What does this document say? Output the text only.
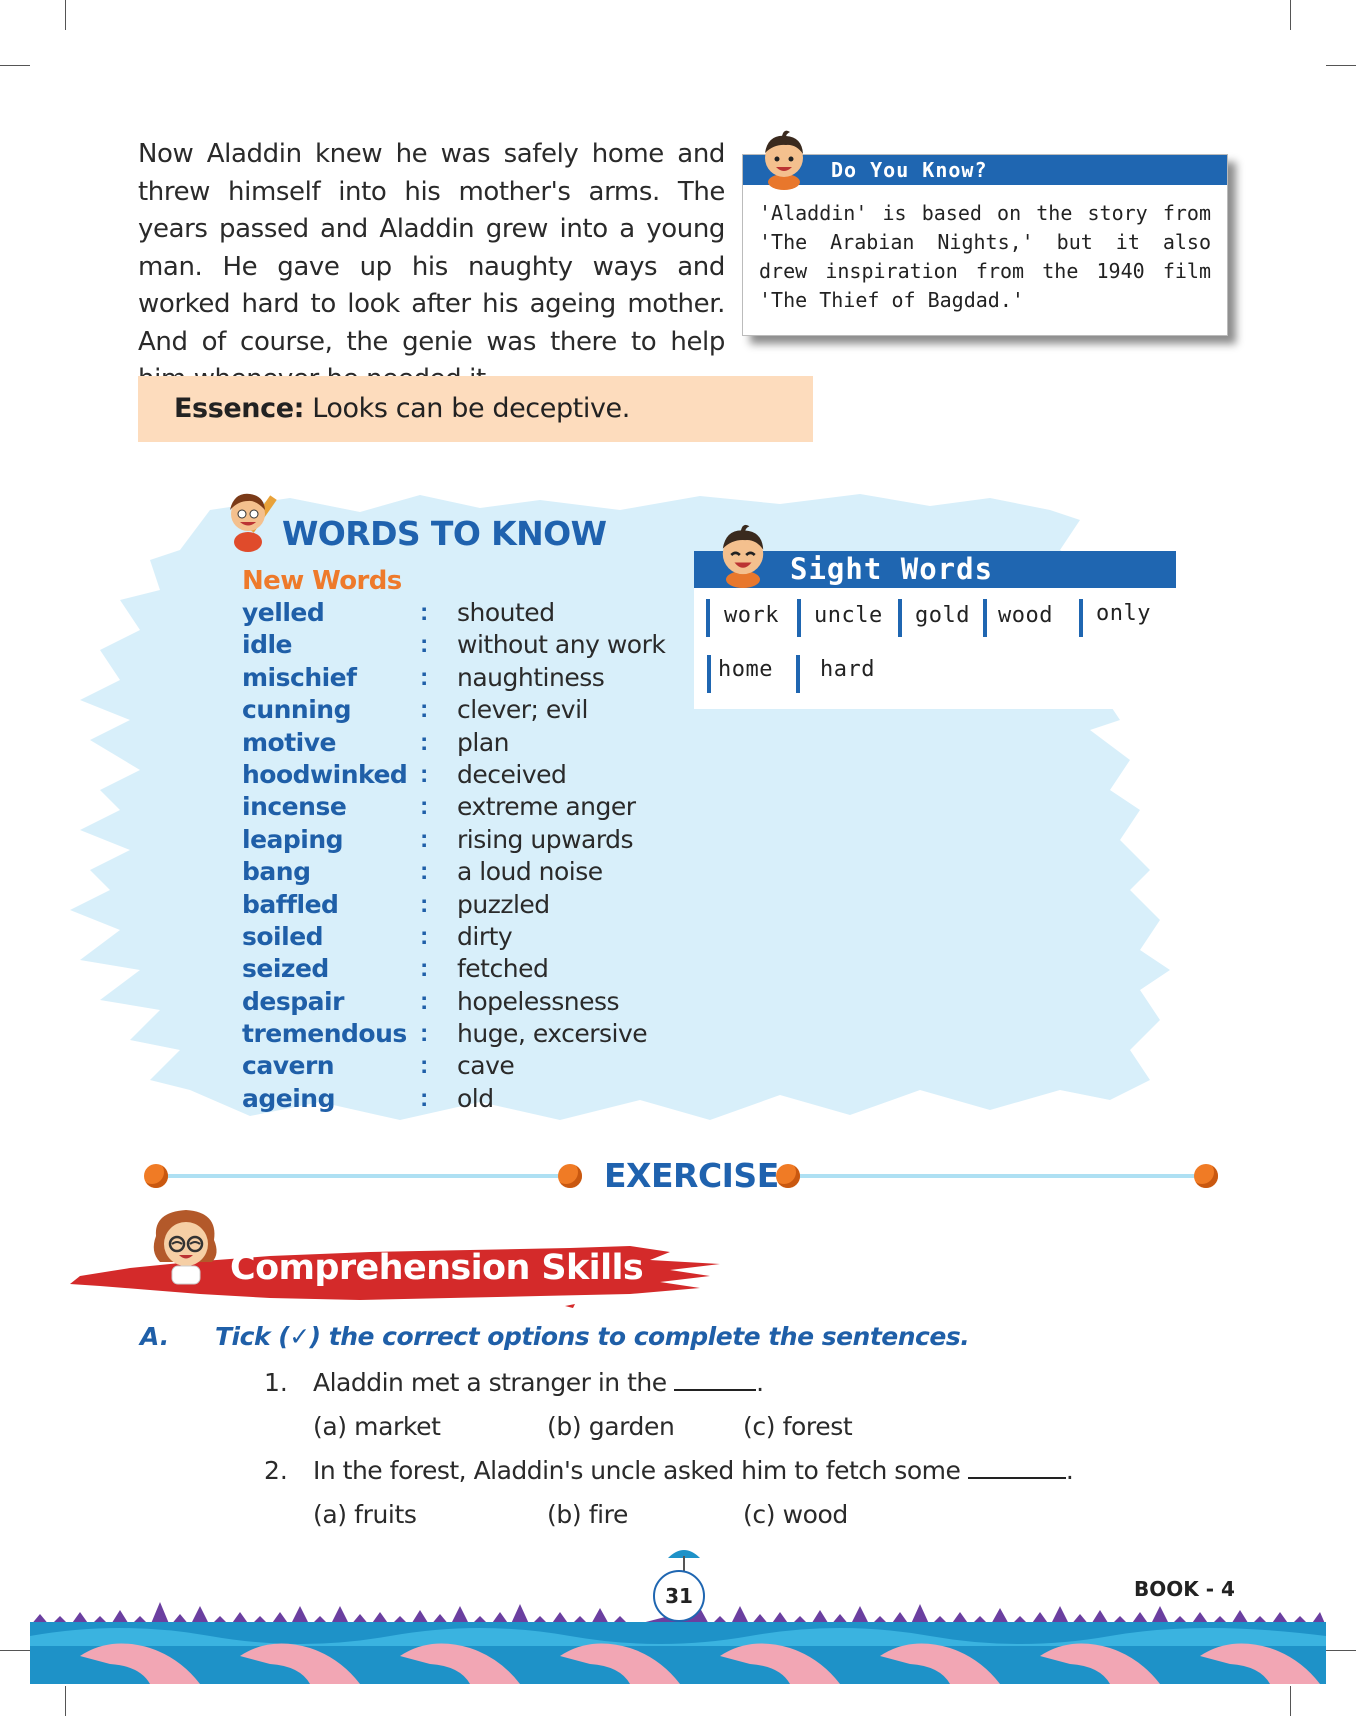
Now Aladdin knew he was safely home and threw himself into his mother's arms. The years passed and Aladdin grew into a young man. He gave up his naughty ways and worked hard to look after his ageing mother. And of course, the genie was there to help
Do You Know?
'Aladdin' is based on the story from 'The Arabian Nights,' but it also drew inspiration from the 1940 film 'The Thief of Bagdad.'
Essence: Looks can be deceptive.
WORDS TO KNOW
New Words
yelled	: shouted
idle	: without any work
mischief	: naughtiness
cunning	: clever; evil
motive	: plan
hoodwinked : deceived
incense	: extreme anger
leaping	: rising upwards
bang	: a loud noise
baffled	: puzzled
soiled	: dirty
seized	: fetched
despair	: hopelessness
tremendous : huge, excersive
cavern	: cave
ageing	: old
Sight Words
work uncle gold wood only
home hard
EXERCISE
Comprehension Skills
A. Tick (✓) the correct options to complete the sentences.
1. Aladdin met a stranger in the	.
(a) market	(b) garden	(c) forest
2. In the forest, Aladdin's uncle asked him to fetch some	.
(a) fruits	(b) fire	(c) wood
31	BOOK - 4
